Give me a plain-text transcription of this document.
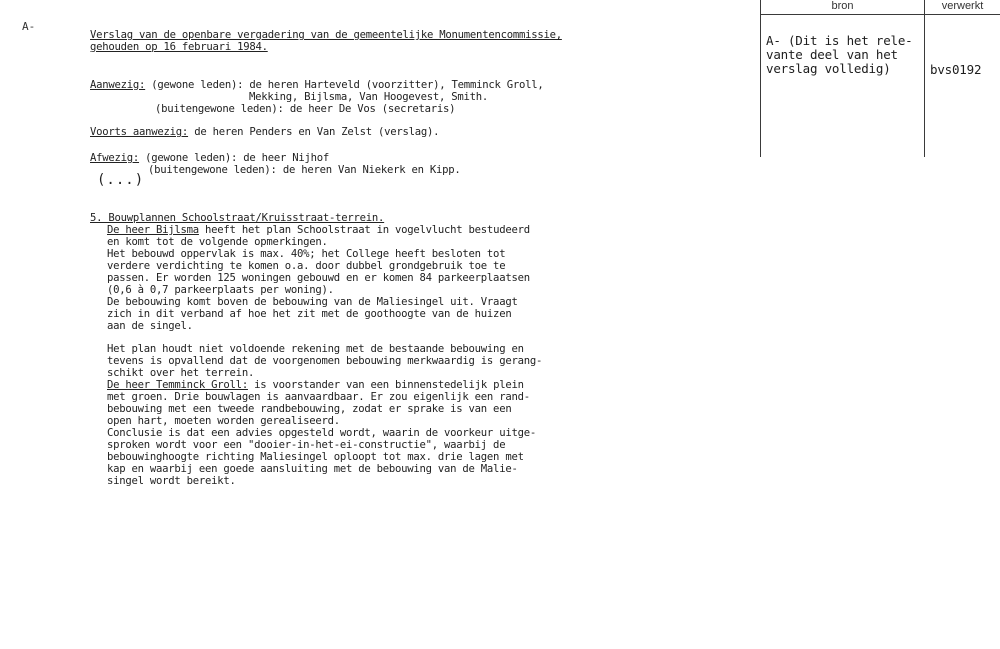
A-
Verslag van de openbare vergadering van de gemeentelijke Monumentencommissie,
gehouden op 16 februari 1984.
Aanwezig: (gewone leden): de heren Harteveld (voorzitter), Temminck Groll,
Mekking, Bijlsma, Van Hoogevest, Smith.
(buitengewone leden): de heer De Vos (secretaris)
Voorts aanwezig: de heren Penders en Van Zelst (verslag).
Afwezig: (gewone leden): de heer Nijhof
(buitengewone leden): de heren Van Niekerk en Kipp.
(...)
5. Bouwplannen Schoolstraat/Kruisstraat-terrein.
De heer Bijlsma heeft het plan Schoolstraat in vogelvlucht bestudeerd
en komt tot de volgende opmerkingen.
Het bebouwd oppervlak is max. 40%; het College heeft besloten tot
verdere verdichting te komen o.a. door dubbel grondgebruik toe te
passen. Er worden 125 woningen gebouwd en er komen 84 parkeerplaatsen
(0,6 à 0,7 parkeerplaats per woning).
De bebouwing komt boven de bebouwing van de Maliesingel uit. Vraagt
zich in dit verband af hoe het zit met de goothoogte van de huizen
aan de singel.
Het plan houdt niet voldoende rekening met de bestaande bebouwing en
tevens is opvallend dat de voorgenomen bebouwing merkwaardig is gerang-
schikt over het terrein.
De heer Temminck Groll: is voorstander van een binnenstedelijk plein
met groen. Drie bouwlagen is aanvaardbaar. Er zou eigenlijk een rand-
bebouwing met een tweede randbebouwing, zodat er sprake is van een
open hart, moeten worden gerealiseerd.
Conclusie is dat een advies opgesteld wordt, waarin de voorkeur uitge-
sproken wordt voor een "dooier-in-het-ei-constructie", waarbij de
bebouwinghoogte richting Maliesingel oploopt tot max. drie lagen met
kap en waarbij een goede aansluiting met de bebouwing van de Malie-
singel wordt bereikt.
bron	verwerkt
A- (Dit is het rele-
vante deel van het
verslag volledig)	bvs0192
